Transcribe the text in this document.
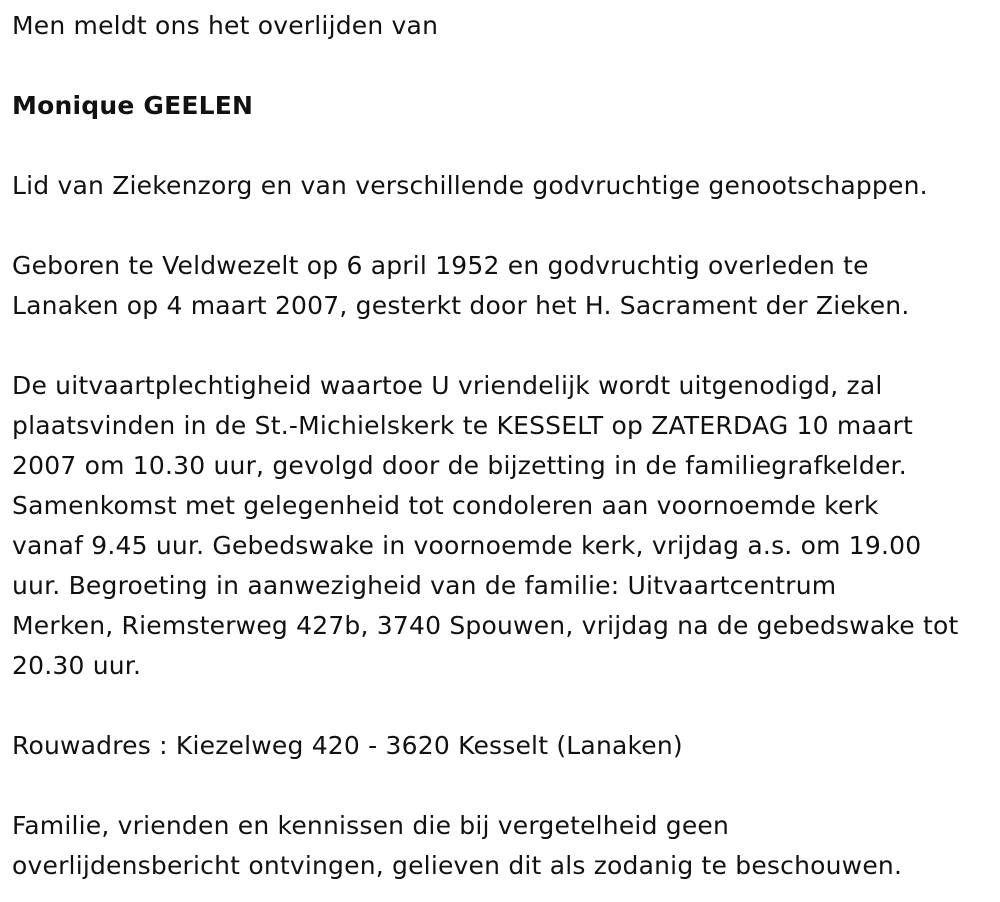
Men meldt ons het overlijden van

Monique GEELEN

Lid van Ziekenzorg en van verschillende godvruchtige genootschappen.

Geboren te Veldwezelt op 6 april 1952 en godvruchtig overleden te
Lanaken op 4 maart 2007, gesterkt door het H. Sacrament der Zieken.

De uitvaartplechtigheid waartoe U vriendelijk wordt uitgenodigd, zal
plaatsvinden in de St.-Michielskerk te KESSELT op ZATERDAG 10 maart
2007 om 10.30 uur, gevolgd door de bijzetting in de familiegrafkelder.
Samenkomst met gelegenheid tot condoleren aan voornoemde kerk
vanaf 9.45 uur. Gebedswake in voornoemde kerk, vrijdag a.s. om 19.00
uur. Begroeting in aanwezigheid van de familie: Uitvaartcentrum
Merken, Riemsterweg 427b, 3740 Spouwen, vrijdag na de gebedswake tot
20.30 uur.

Rouwadres : Kiezelweg 420 - 3620 Kesselt (Lanaken)

Familie, vrienden en kennissen die bij vergetelheid geen
overlijdensbericht ontvingen, gelieven dit als zodanig te beschouwen.
